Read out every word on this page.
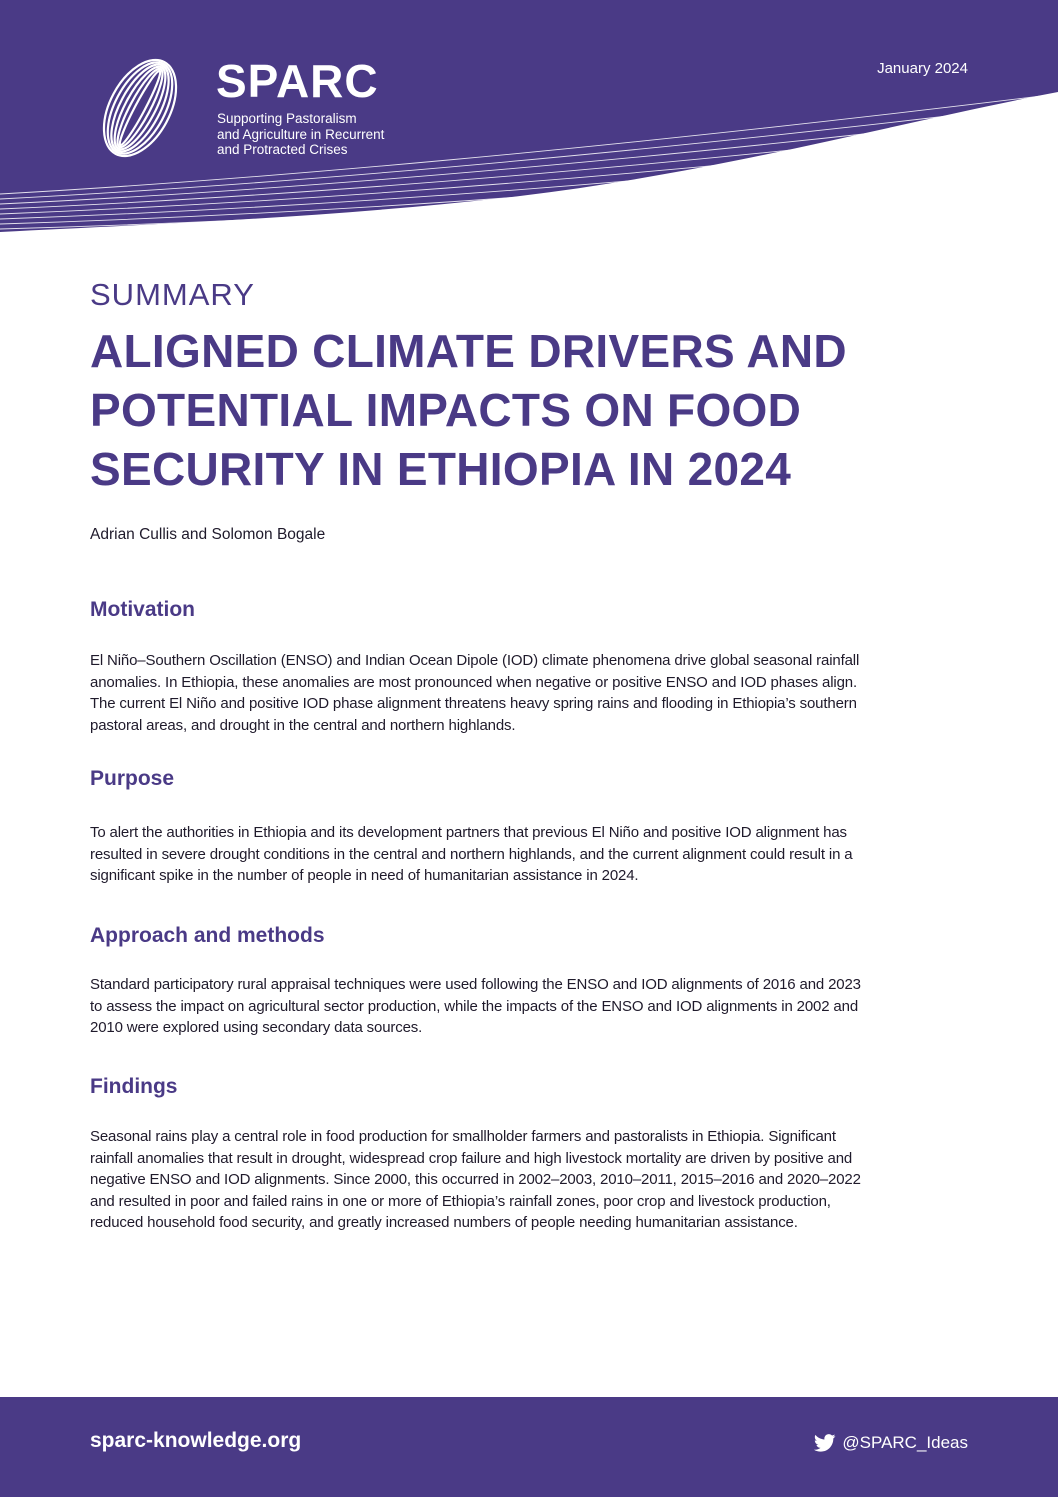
SPARC
Supporting Pastoralism
and Agriculture in Recurrent
and Protracted Crises
January 2024
SUMMARY
ALIGNED CLIMATE DRIVERS AND
POTENTIAL IMPACTS ON FOOD
SECURITY IN ETHIOPIA IN 2024
Adrian Cullis and Solomon Bogale
Motivation

El Niño–Southern Oscillation (ENSO) and Indian Ocean Dipole (IOD) climate phenomena drive global seasonal rainfall
anomalies. In Ethiopia, these anomalies are most pronounced when negative or positive ENSO and IOD phases align.
The current El Niño and positive IOD phase alignment threatens heavy spring rains and flooding in Ethiopia’s southern
pastoral areas, and drought in the central and northern highlands.

Purpose

To alert the authorities in Ethiopia and its development partners that previous El Niño and positive IOD alignment has
resulted in severe drought conditions in the central and northern highlands, and the current alignment could result in a
significant spike in the number of people in need of humanitarian assistance in 2024.

Approach and methods

Standard participatory rural appraisal techniques were used following the ENSO and IOD alignments of 2016 and 2023
to assess the impact on agricultural sector production, while the impacts of the ENSO and IOD alignments in 2002 and
2010 were explored using secondary data sources.

Findings

Seasonal rains play a central role in food production for smallholder farmers and pastoralists in Ethiopia. Significant
rainfall anomalies that result in drought, widespread crop failure and high livestock mortality are driven by positive and
negative ENSO and IOD alignments. Since 2000, this occurred in 2002–2003, 2010–2011, 2015–2016 and 2020–2022
and resulted in poor and failed rains in one or more of Ethiopia’s rainfall zones, poor crop and livestock production,
reduced household food security, and greatly increased numbers of people needing humanitarian assistance.

sparc-knowledge.org	@SPARC_Ideas
